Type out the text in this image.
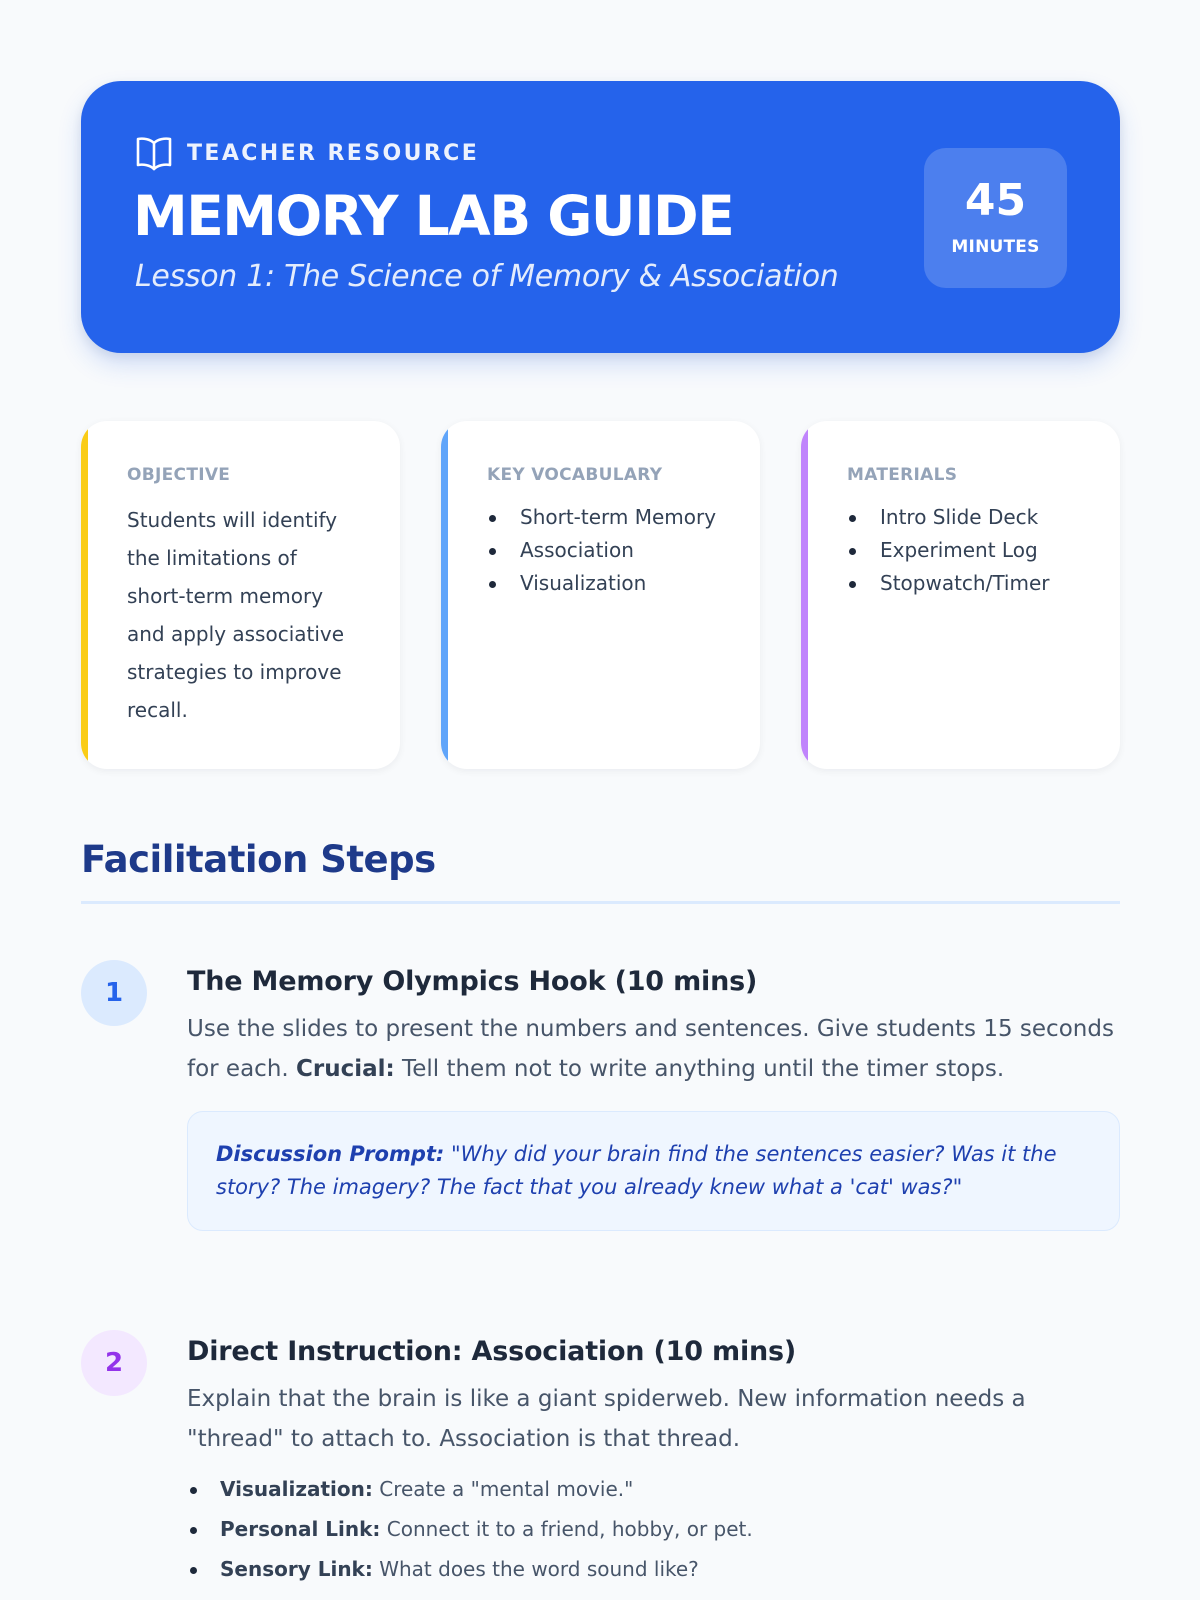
TEACHER RESOURCE
MEMORY LAB GUIDE
Lesson 1: The Science of Memory & Association
45
MINUTES
OBJECTIVE
Students will identify the limitations of short-term memory and apply associative strategies to improve recall.
KEY VOCABULARY
Short-term Memory
Association
Visualization
MATERIALS
Intro Slide Deck
Experiment Log
Stopwatch/Timer
Facilitation Steps
1	The Memory Olympics Hook (10 mins)

Use the slides to present the numbers and sentences. Give students 15 seconds for each. Crucial: Tell them not to write anything until the timer stops.

Discussion Prompt: "Why did your brain find the sentences easier? Was it the story? The imagery? The fact that you already knew what a 'cat' was?"
2	Direct Instruction: Association (10 mins)

Explain that the brain is like a giant spiderweb. New information needs a "thread" to attach to. Association is that thread.

Visualization: Create a "mental movie."
Personal Link: Connect it to a friend, hobby, or pet.
Sensory Link: What does the word sound like?
